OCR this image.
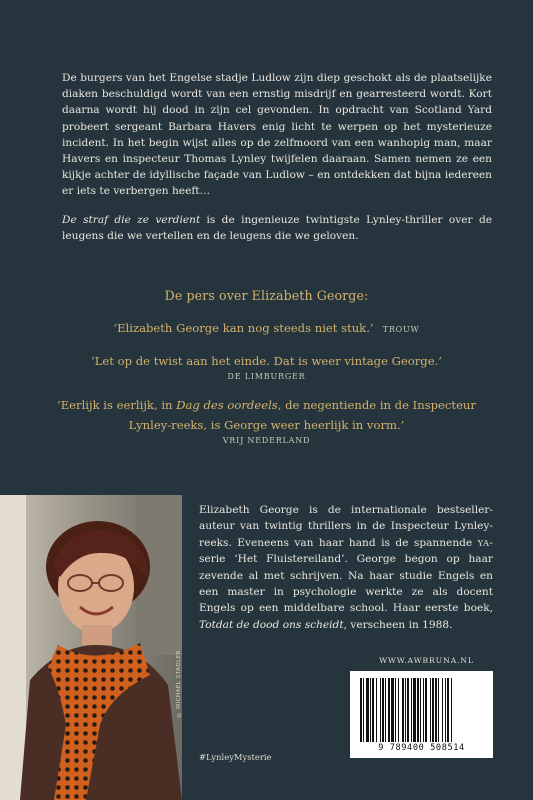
De burgers van het Engelse stadje Ludlow zijn diep geschokt als de plaatselijke diaken beschuldigd wordt van een ernstig misdrijf en gearresteerd wordt. Kort daarna wordt hij dood in zijn cel gevonden. In opdracht van Scotland Yard probeert sergeant Barbara Havers enig licht te werpen op het mysterieuze incident. In het begin wijst alles op de zelfmoord van een wanhopig man, maar Havers en inspecteur Thomas Lynley twijfelen daaraan. Samen nemen ze een kijkje achter de idyllische façade van Ludlow – en ontdekken dat bijna iedereen er iets te verbergen heeft…

De straf die ze verdient is de ingenieuze twintigste Lynley-thriller over de leugens die we vertellen en de leugens die we geloven.

De pers over Elizabeth George:
‘Elizabeth George kan nog steeds niet stuk.’ TROUW
‘Let op de twist aan het einde. Dat is weer vintage George.’
DE LIMBURGER
‘Eerlijk is eerlijk, in Dag des oordeels, de negentiende in de Inspecteur Lynley-reeks, is George weer heerlijk in vorm.’
VRIJ NEDERLAND
© MICHAEL STADLER
Elizabeth George is de internationale bestseller-auteur van twintig thrillers in de Inspecteur Lynley-reeks. Eveneens van haar hand is de spannende YA-serie ‘Het Fluistereiland’. George begon op haar zevende al met schrijven. Na haar studie Engels en een master in psychologie werkte ze als docent Engels op een middelbare school. Haar eerste boek, Totdat de dood ons scheidt, verscheen in 1988.
WWW.AWBRUNA.NL
9 789400 508514
#LynleyMysterie
